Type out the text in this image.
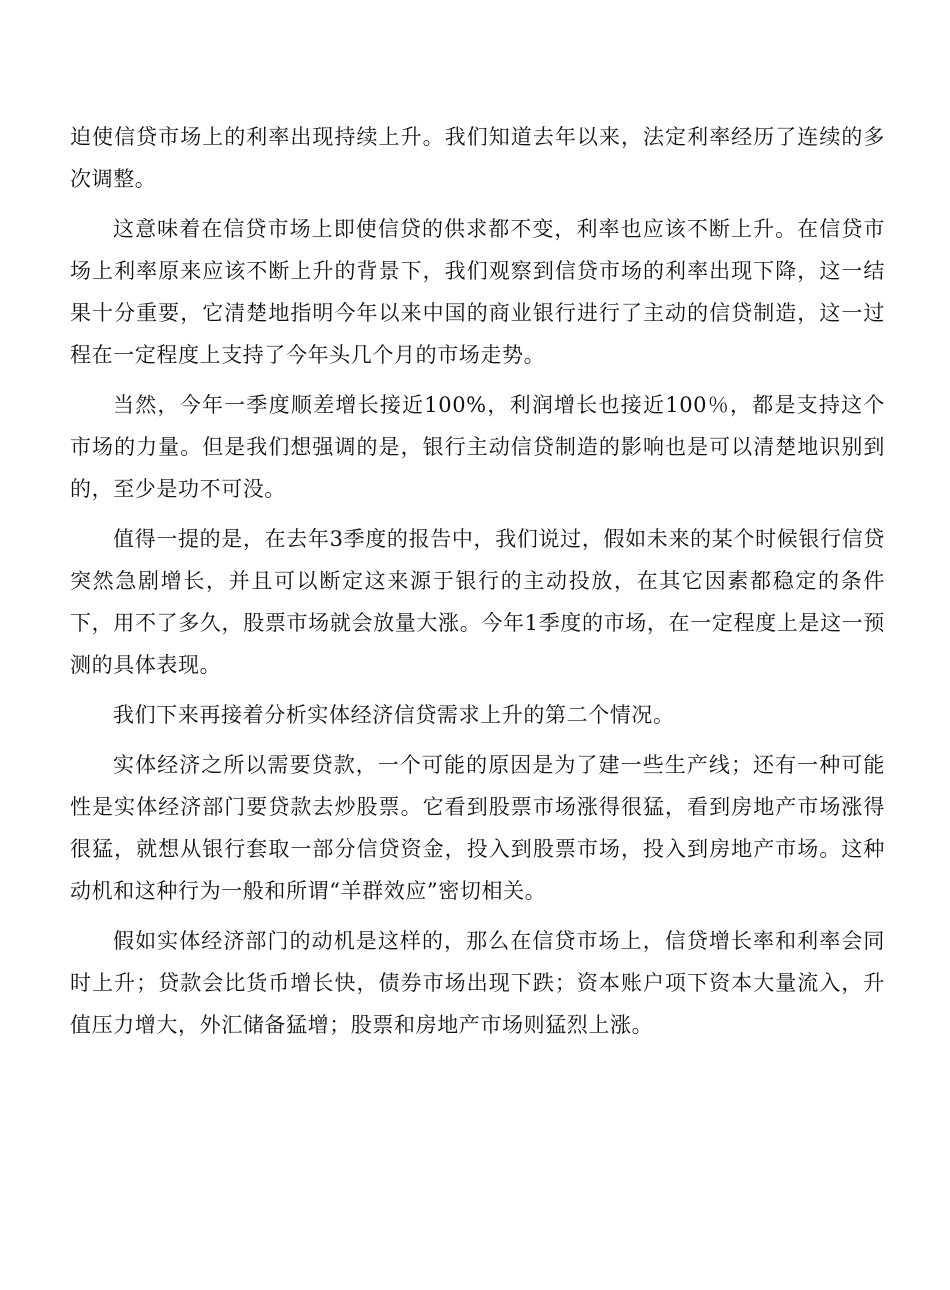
迫使信贷市场上的利率出现持续上升。我们知道去年以来，法定利率经历了连续的多次调整。

这意味着在信贷市场上即使信贷的供求都不变，利率也应该不断上升。在信贷市场上利率原来应该不断上升的背景下，我们观察到信贷市场的利率出现下降，这一结果十分重要，它清楚地指明今年以来中国的商业银行进行了主动的信贷制造，这一过程在一定程度上支持了今年头几个月的市场走势。

当然，今年一季度顺差增长接近100%，利润增长也接近100％，都是支持这个市场的力量。但是我们想强调的是，银行主动信贷制造的影响也是可以清楚地识别到的，至少是功不可没。

值得一提的是，在去年3季度的报告中，我们说过，假如未来的某个时候银行信贷突然急剧增长，并且可以断定这来源于银行的主动投放，在其它因素都稳定的条件下，用不了多久，股票市场就会放量大涨。今年1季度的市场，在一定程度上是这一预测的具体表现。

我们下来再接着分析实体经济信贷需求上升的第二个情况。

实体经济之所以需要贷款，一个可能的原因是为了建一些生产线；还有一种可能性是实体经济部门要贷款去炒股票。它看到股票市场涨得很猛，看到房地产市场涨得很猛，就想从银行套取一部分信贷资金，投入到股票市场，投入到房地产市场。这种动机和这种行为一般和所谓“羊群效应”密切相关。

假如实体经济部门的动机是这样的，那么在信贷市场上，信贷增长率和利率会同时上升；贷款会比货币增长快，债券市场出现下跌；资本账户项下资本大量流入，升值压力增大，外汇储备猛增；股票和房地产市场则猛烈上涨。
